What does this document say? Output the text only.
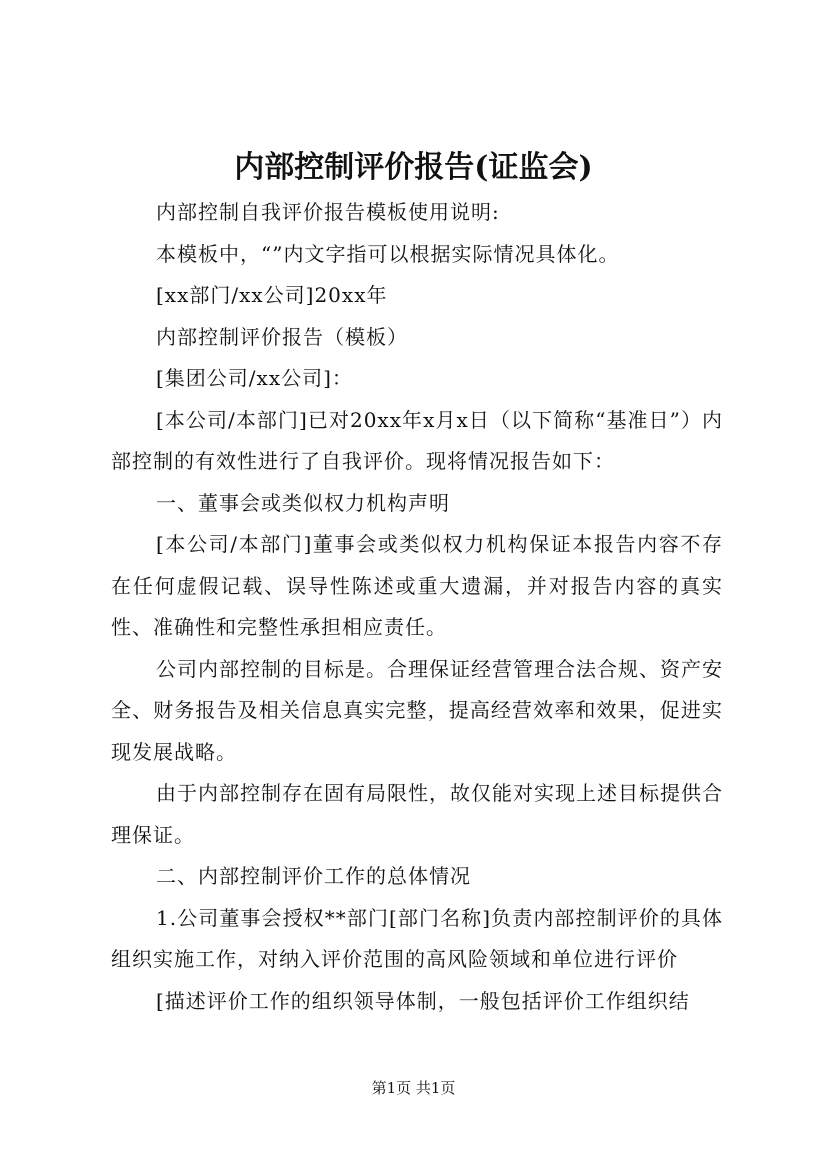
内部控制评价报告(证监会)

内部控制自我评价报告模板使用说明:

本模板中，“”内文字指可以根据实际情况具体化。

[xx部门/xx公司]20xx年

内部控制评价报告（模板）

[集团公司/xx公司]：

[本公司/本部门]已对20xx年x月x日（以下简称“基准日”）内部控制的有效性进行了自我评价。现将情况报告如下：

一、董事会或类似权力机构声明

[本公司/本部门]董事会或类似权力机构保证本报告内容不存在任何虚假记载、误导性陈述或重大遗漏，并对报告内容的真实性、准确性和完整性承担相应责任。

公司内部控制的目标是。合理保证经营管理合法合规、资产安全、财务报告及相关信息真实完整，提高经营效率和效果，促进实现发展战略。

由于内部控制存在固有局限性，故仅能对实现上述目标提供合理保证。

二、内部控制评价工作的总体情况

1.公司董事会授权**部门[部门名称]负责内部控制评价的具体组织实施工作，对纳入评价范围的高风险领域和单位进行评价

[描述评价工作的组织领导体制，一般包括评价工作组织结

第1页 共1页
